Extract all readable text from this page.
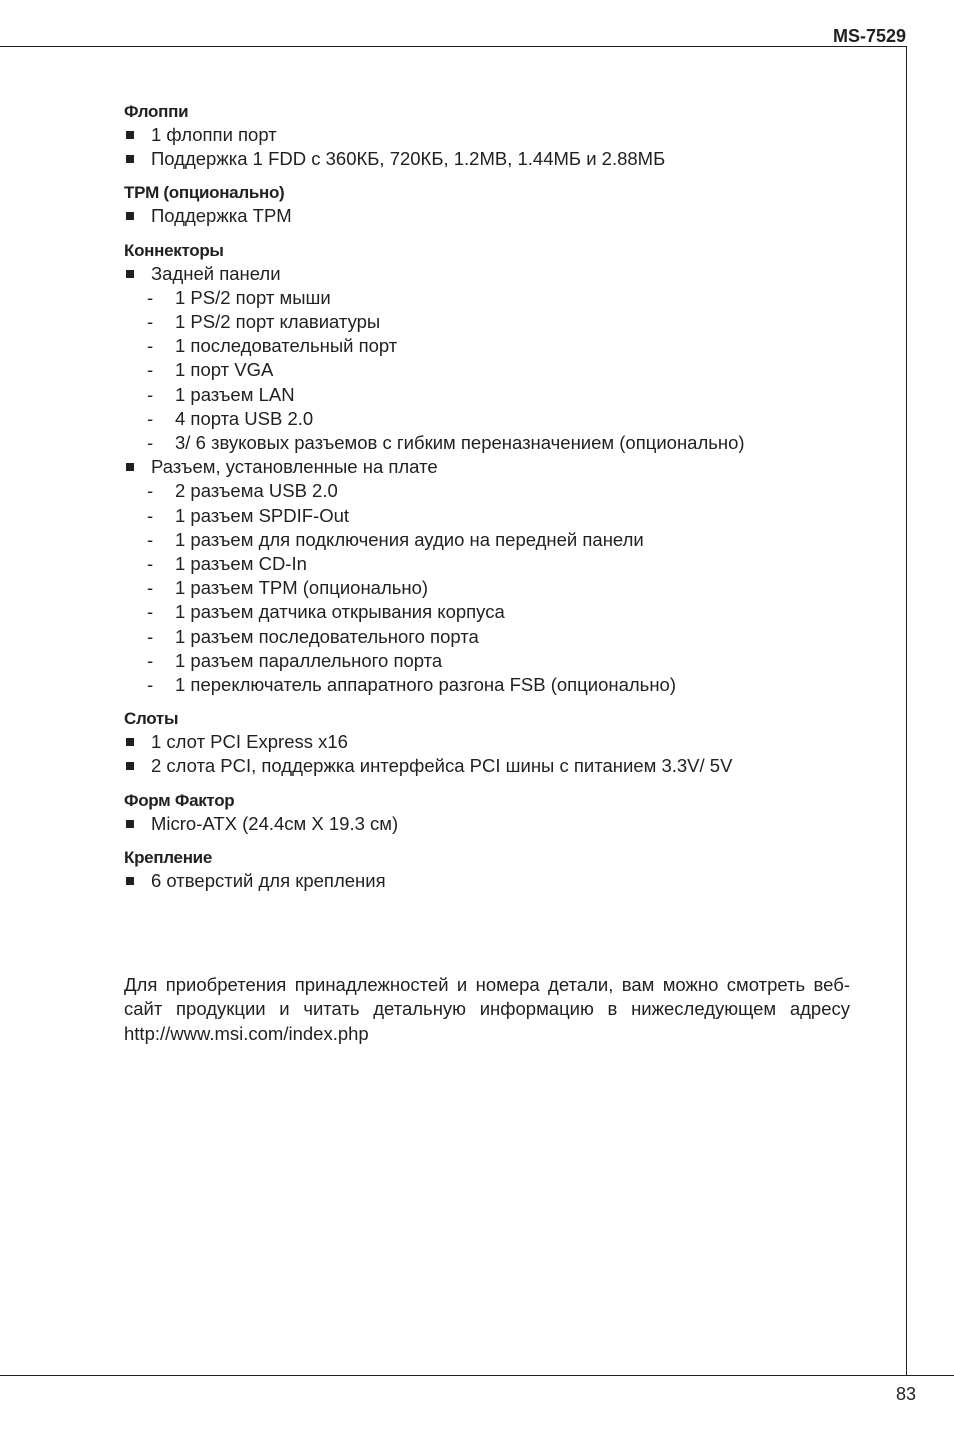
MS-7529
83
Флоппи
1 флоппи порт
Поддержка 1 FDD с 360КБ, 720КБ, 1.2МВ, 1.44МБ и 2.88МБ
TPM (опционально)
Поддержка TPM
Коннекторы
Задней панели
- 1 PS/2 порт мыши
- 1 PS/2 порт клавиатуры
- 1 последовательный порт
- 1 порт VGA
- 1 разъем LAN
- 4 порта USB 2.0
- 3/ 6 звуковых разъемов с гибким переназначением (опционально)
Разъем, установленные на плате
- 2 разъема USB 2.0
- 1 разъем SPDIF-Out
- 1 разъем для подключения аудио на передней панели
- 1 разъем CD-In
- 1 разъем TPM (опционально)
- 1 разъем датчика открывания корпуса
- 1 разъем последовательного порта
- 1 разъем параллельного порта
- 1 переключатель аппаратного разгона FSB (опционально)
Слоты
1 слот PCI Express x16
2 слота PCI, поддержка интерфейса PCI шины с питанием 3.3V/ 5V
Форм Фактор
Micro-ATX (24.4см X 19.3 см)
Крепление
6 отверстий для крепления
Для приобретения принадлежностей и номера детали, вам можно смотреть веб-сайт продукции и читать детальную информацию в нижеследующем адресу http://www.msi.com/index.php
